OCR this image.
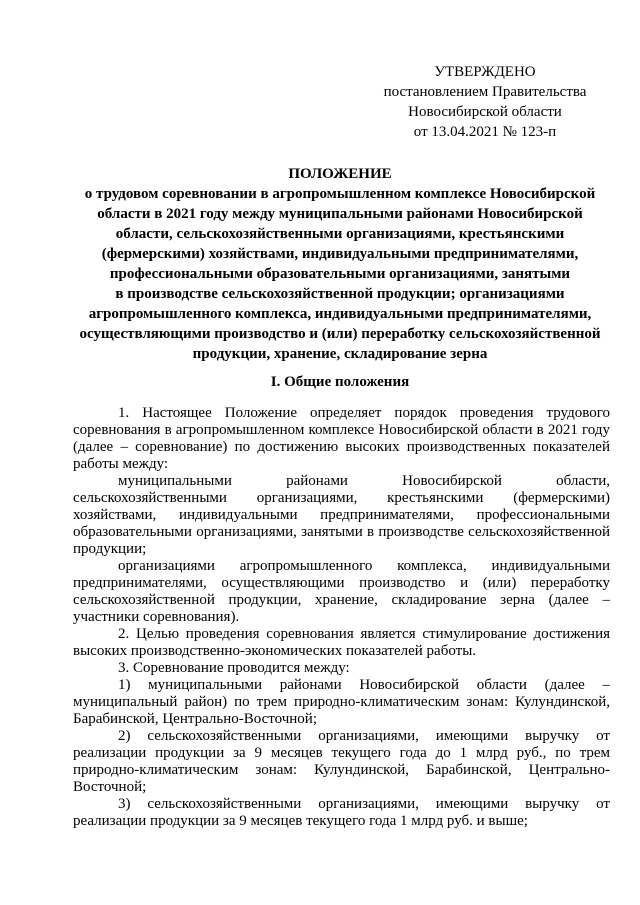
УТВЕРЖДЕНО
постановлением Правительства
Новосибирской области
от 13.04.2021 № 123-п
ПОЛОЖЕНИЕ
о трудовом соревновании в агропромышленном комплексе Новосибирской
области в 2021 году между муниципальными районами Новосибирской
области, сельскохозяйственными организациями, крестьянскими
(фермерскими) хозяйствами, индивидуальными предпринимателями,
профессиональными образовательными организациями, занятыми
в производстве сельскохозяйственной продукции; организациями
агропромышленного комплекса, индивидуальными предпринимателями,
осуществляющими производство и (или) переработку сельскохозяйственной
продукции, хранение, складирование зерна
I. Общие положения

1. Настоящее Положение определяет порядок проведения трудового соревнования в агропромышленном комплексе Новосибирской области в 2021 году (далее – соревнование) по достижению высоких производственных показателей работы между:

муниципальными районами Новосибирской области, сельскохозяйственными организациями, крестьянскими (фермерскими) хозяйствами, индивидуальными предпринимателями, профессиональными образовательными организациями, занятыми в производстве сельскохозяйственной продукции;

организациями агропромышленного комплекса, индивидуальными предпринимателями, осуществляющими производство и (или) переработку сельскохозяйственной продукции, хранение, складирование зерна (далее – участники соревнования).

2. Целью проведения соревнования является стимулирование достижения высоких производственно-экономических показателей работы.

3. Соревнование проводится между:

1) муниципальными районами Новосибирской области (далее – муниципальный район) по трем природно-климатическим зонам: Кулундинской, Барабинской, Центрально-Восточной;

2) сельскохозяйственными организациями, имеющими выручку от реализации продукции за 9 месяцев текущего года до 1 млрд руб., по трем природно-климатическим зонам: Кулундинской, Барабинской, Центрально-Восточной;

3) сельскохозяйственными организациями, имеющими выручку от реализации продукции за 9 месяцев текущего года 1 млрд руб. и выше;
